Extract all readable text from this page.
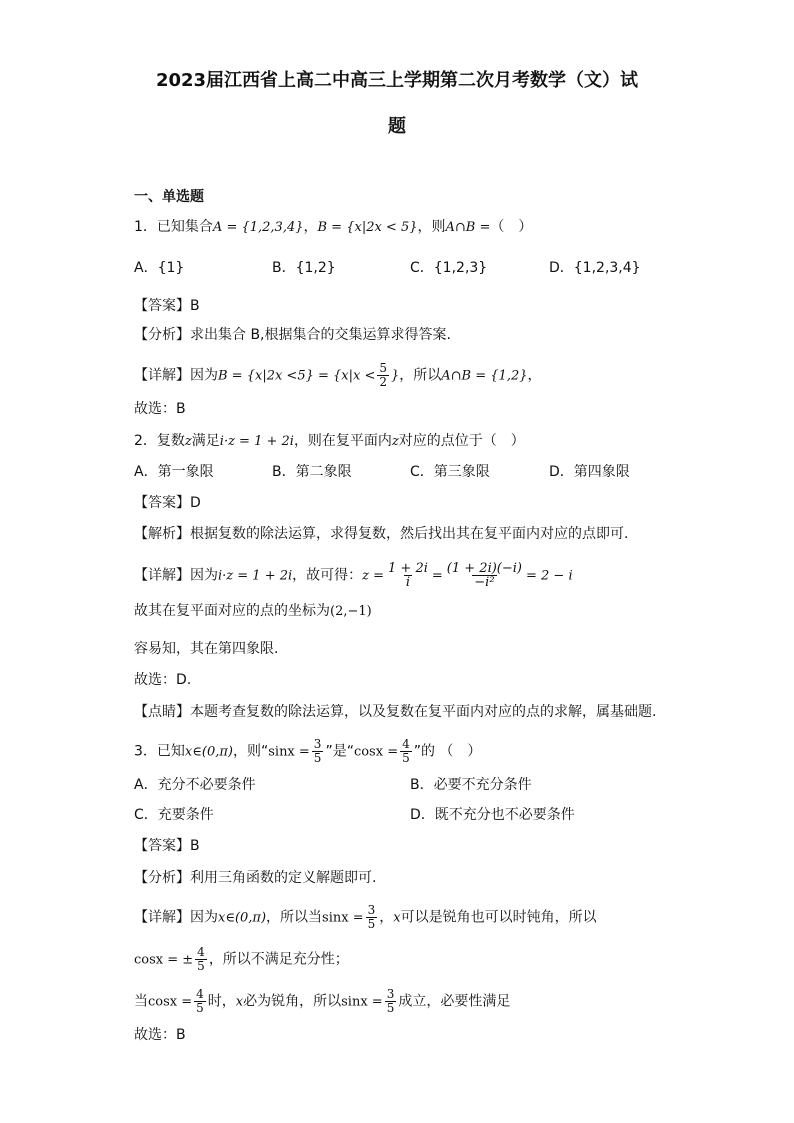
2023届江西省上高二中高三上学期第二次月考数学（文）试
题
一、单选题
1．已知集合A = {1,2,3,4}，B = {x|2x < 5}，则A∩B =（　）
A．{1}	B．{1,2}	C．{1,2,3}	D．{1,2,3,4}
【答案】B
【分析】求出集合 B,根据集合的交集运算求得答案.
【详解】因为$B = \{x|2x <5\} = \{x|x < \frac{5}{2}$ }，所以A∩B = {1,2}，
故选：B
2．复数z满足i·z = 1 + 2i，则在复平面内z对应的点位于（　）
A．第一象限	B．第二象限	C．第三象限	D．第四象限
【答案】D
【解析】根据复数的除法运算，求得复数，然后找出其在复平面内对应的点即可.
【详解】因为i·z = 1 + 2i，故可得：$z = \frac{1 + 2i}{i} = \frac{(1 + 2i)(-i)}{\text{−i²}} = 2 - i$
故其在复平面对应的点的坐标为(2,−1)
容易知，其在第四象限.
故选：D.
【点睛】本题考查复数的除法运算，以及复数在复平面内对应的点的求解，属基础题.
3．已知x∈(0,π)，则“$\sin x = \frac{3}{5}$ ”是“$\cos x = \frac{4}{5}$ ”的 （　）
A．充分不必要条件	B．必要不充分条件
C．充要条件	D．既不充分也不必要条件
【答案】B
【分析】利用三角函数的定义解题即可.
【详解】因为x∈(0,π)，所以当$\sin x = \frac{3}{5}$ ，x可以是锐角也可以时钝角，所以
cosx = ± $\frac{4}{5}$ ，所以不满足充分性；
当$\cos x = \frac{4}{5}$ 时，x必为锐角，所以$\sin x = \frac{3}{5}$ 成立，必要性满足
故选：B
